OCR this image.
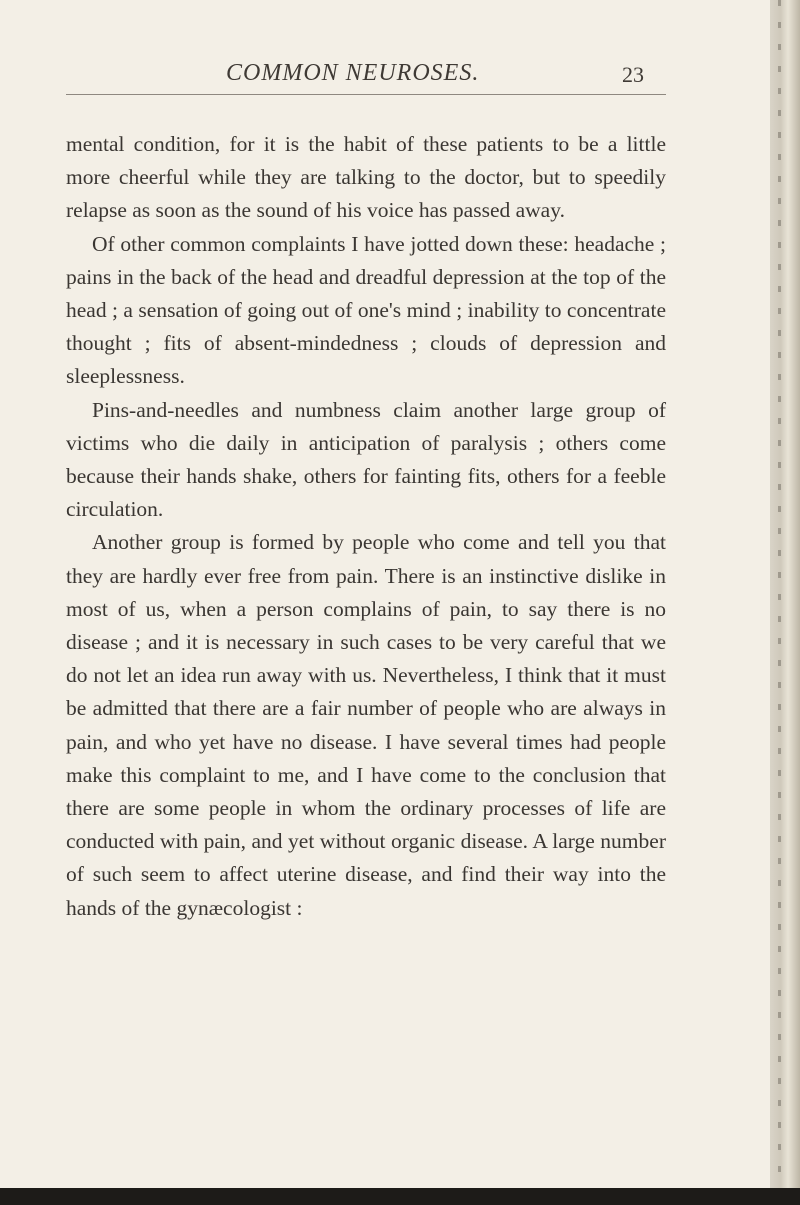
COMMON NEUROSES.	23

mental condition, for it is the habit of these patients to be a little more cheerful while they are talking to the doctor, but to speedily relapse as soon as the sound of his voice has passed away.

Of other common complaints I have jotted down these: headache ; pains in the back of the head and dreadful depression at the top of the head ; a sensation of going out of one's mind ; inability to concentrate thought ; fits of absent-mindedness ; clouds of depression and sleeplessness.

Pins-and-needles and numbness claim another large group of victims who die daily in anticipation of paralysis ; others come because their hands shake, others for fainting fits, others for a feeble circulation.

Another group is formed by people who come and tell you that they are hardly ever free from pain. There is an instinctive dislike in most of us, when a person complains of pain, to say there is no disease ; and it is necessary in such cases to be very careful that we do not let an idea run away with us. Nevertheless, I think that it must be admitted that there are a fair number of people who are always in pain, and who yet have no disease. I have several times had people make this complaint to me, and I have come to the conclusion that there are some people in whom the ordinary processes of life are conducted with pain, and yet without organic disease. A large number of such seem to affect uterine disease, and find their way into the hands of the gynæcologist :
